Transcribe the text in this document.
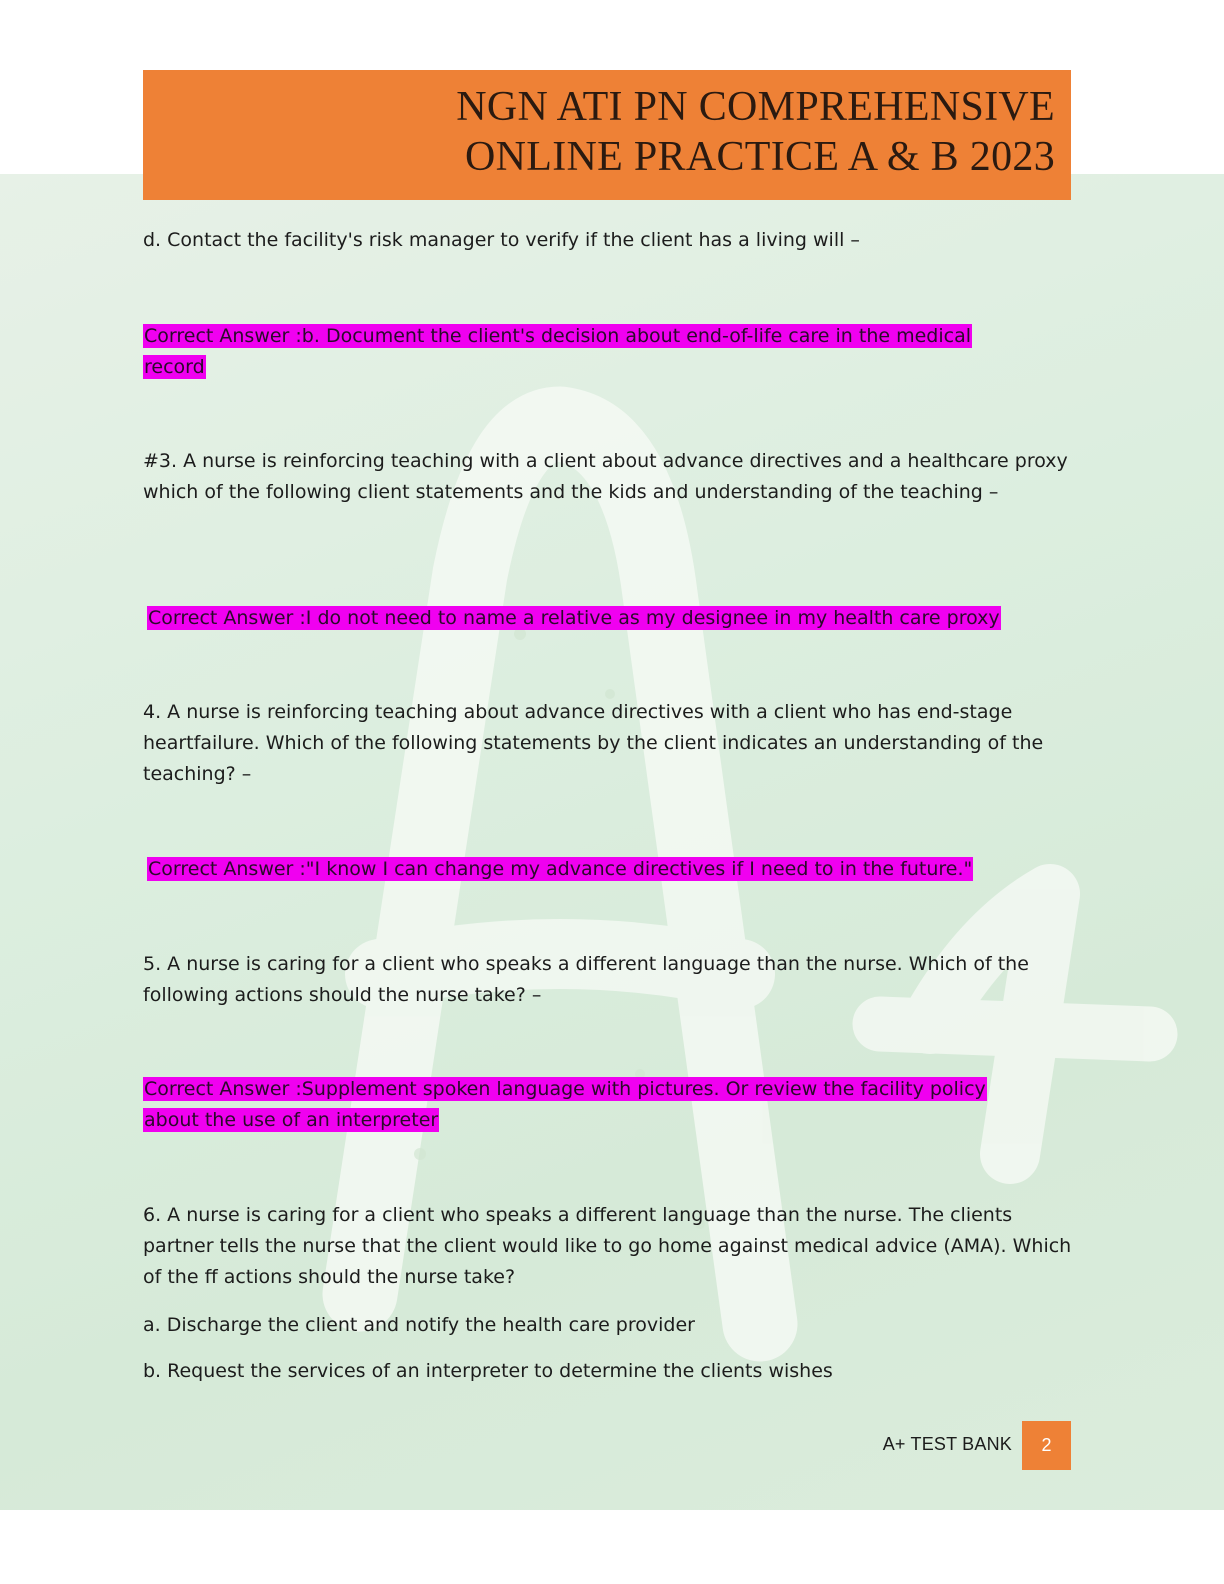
NGN ATI PN COMPREHENSIVE
ONLINE PRACTICE A & B 2023

d. Contact the facility's risk manager to verify if the client has a living will –

Correct Answer :b. Document the client's decision about end-of-life care in the medical record

#3. A nurse is reinforcing teaching with a client about advance directives and a healthcare proxy which of the following client statements and the kids and understanding of the teaching –

Correct Answer :I do not need to name a relative as my designee in my health care proxy

4. A nurse is reinforcing teaching about advance directives with a client who has end-stage heartfailure. Which of the following statements by the client indicates an understanding of the teaching? –

Correct Answer :"I know I can change my advance directives if I need to in the future."

5. A nurse is caring for a client who speaks a different language than the nurse. Which of the following actions should the nurse take? –

Correct Answer :Supplement spoken language with pictures. Or review the facility policy about the use of an interpreter

6. A nurse is caring for a client who speaks a different language than the nurse. The clients partner tells the nurse that the client would like to go home against medical advice (AMA). Which of the ff actions should the nurse take?

a. Discharge the client and notify the health care provider

b. Request the services of an interpreter to determine the clients wishes

A+ TEST BANK	2
